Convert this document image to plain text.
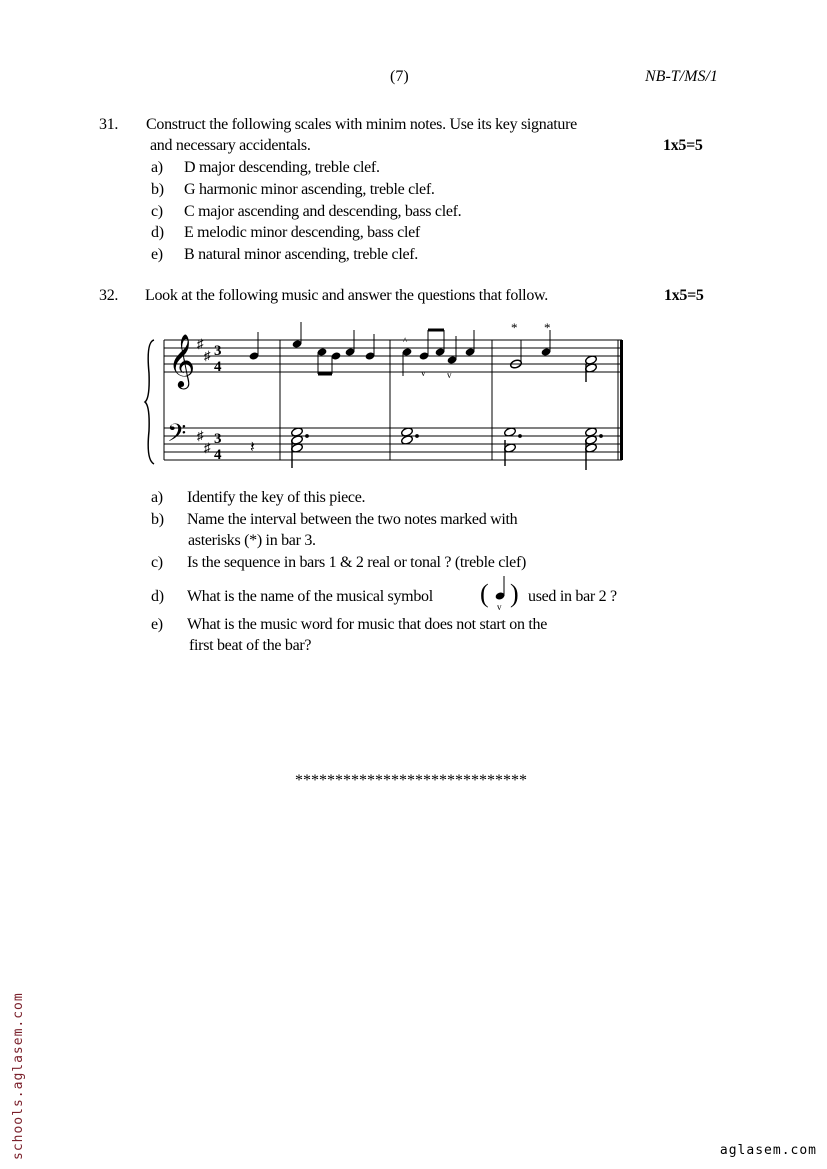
(7)	NB-T/MS/1
31. Construct the following scales with minim notes. Use its key signature
and necessary accidentals.	1x5=5
a) D major descending, treble clef.
b) G harmonic minor ascending, treble clef.
c) C major ascending and descending, bass clef.
d) E melodic minor descending, bass clef
e) B natural minor ascending, treble clef.
32. Look at the following music and answer the questions that follow.	1x5=5
𝄞
𝄢
♯
♯
♯
♯
3
4
3
4
^
v v
* *
𝄽
a) Identify the key of this piece.
b) Name the interval between the two notes marked with
asterisks (*) in bar 3.
c) Is the sequence in bars 1 & 2 real or tonal ? (treble clef)
d) What is the name of the musical symbol ( v ) used in bar 2 ?
e) What is the music word for music that does not start on the
first beat of the bar?
*****************************
schools.aglasem.com	aglasem.com
